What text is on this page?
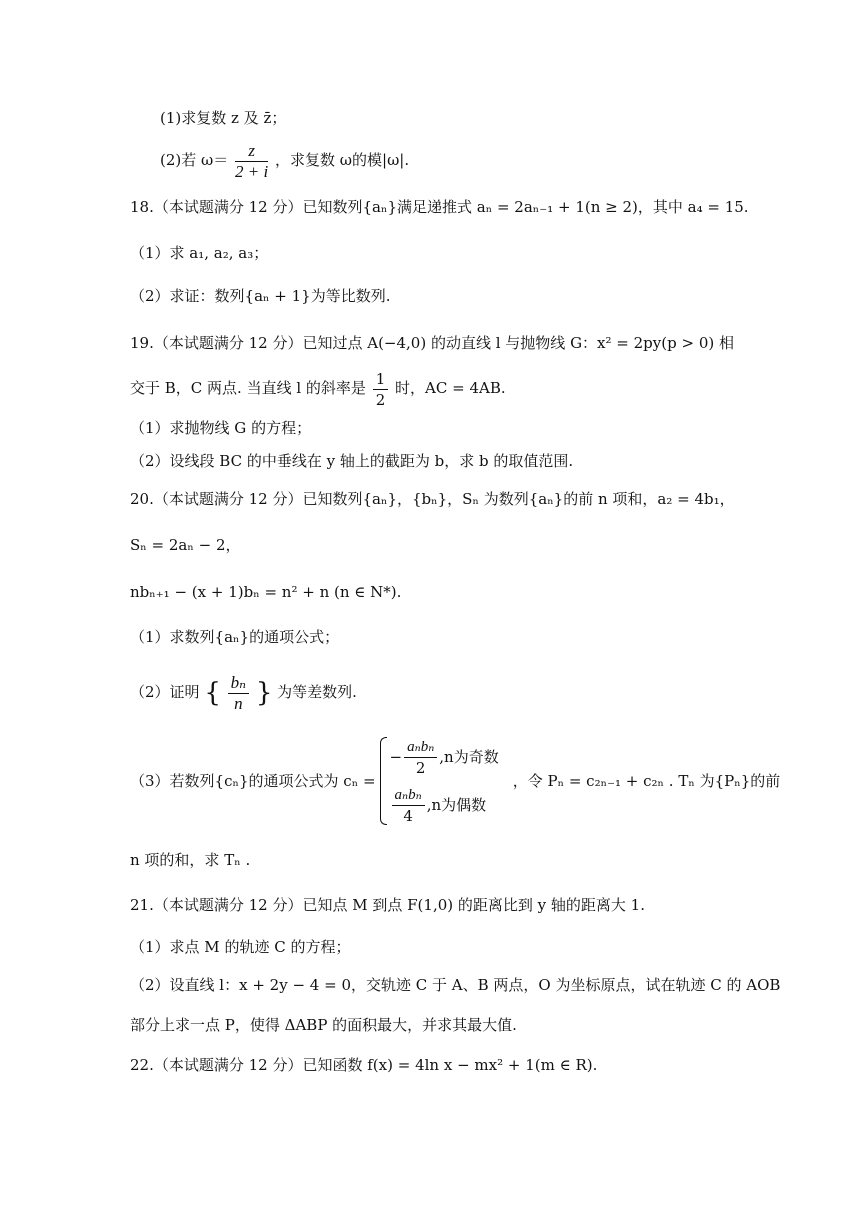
(1)求复数 z 及 z̄；
(2)若 $\omega= \frac{z}{2 + i}$ ，求复数 ω的模|ω|.
18.（本试题满分 12 分）已知数列{aₙ}满足递推式 aₙ = 2aₙ₋₁ + 1(n ≥ 2)，其中 a₄ = 15.
（1）求 a₁, a₂, a₃；
（2）求证：数列{aₙ + 1}为等比数列.
19.（本试题满分 12 分）已知过点 A(−4,0) 的动直线 l 与抛物线 G：x² = 2py(p > 0) 相
交于 B，C 两点. 当直线 l 的斜率是 $\frac{1}{2}$ 时，AC = 4AB.
（1）求抛物线 G 的方程；
（2）设线段 BC 的中垂线在 y 轴上的截距为 b，求 b 的取值范围.
20.（本试题满分 12 分）已知数列{aₙ}，{bₙ}，Sₙ 为数列{aₙ}的前 n 项和，a₂ = 4b₁，
Sₙ = 2aₙ − 2，
nbₙ₊₁ − (x + 1)bₙ = n² + n (n ∈ N*).
（1）求数列{aₙ}的通项公式；
（2）证明 { $\frac{\text{bₙ}}{n}$ } 为等差数列.
（3）若数列{cₙ}的通项公式为 cₙ =
− $\frac{\text{aₙbₙ}}{2} ,n$为奇数
$\frac{\text{aₙbₙ}}{4} ,n$为偶数
，令 Pₙ = c₂ₙ₋₁ + c₂ₙ . Tₙ 为{Pₙ}的前
n 项的和，求 Tₙ .
21.（本试题满分 12 分）已知点 M 到点 F(1,0) 的距离比到 y 轴的距离大 1.
（1）求点 M 的轨迹 C 的方程；
（2）设直线 l：x + 2y − 4 = 0，交轨迹 C 于 A、B 两点，O 为坐标原点，试在轨迹 C 的 AOB
部分上求一点 P，使得 ΔABP 的面积最大，并求其最大值.
22.（本试题满分 12 分）已知函数 f(x) = 4ln x − mx² + 1(m ∈ R).
